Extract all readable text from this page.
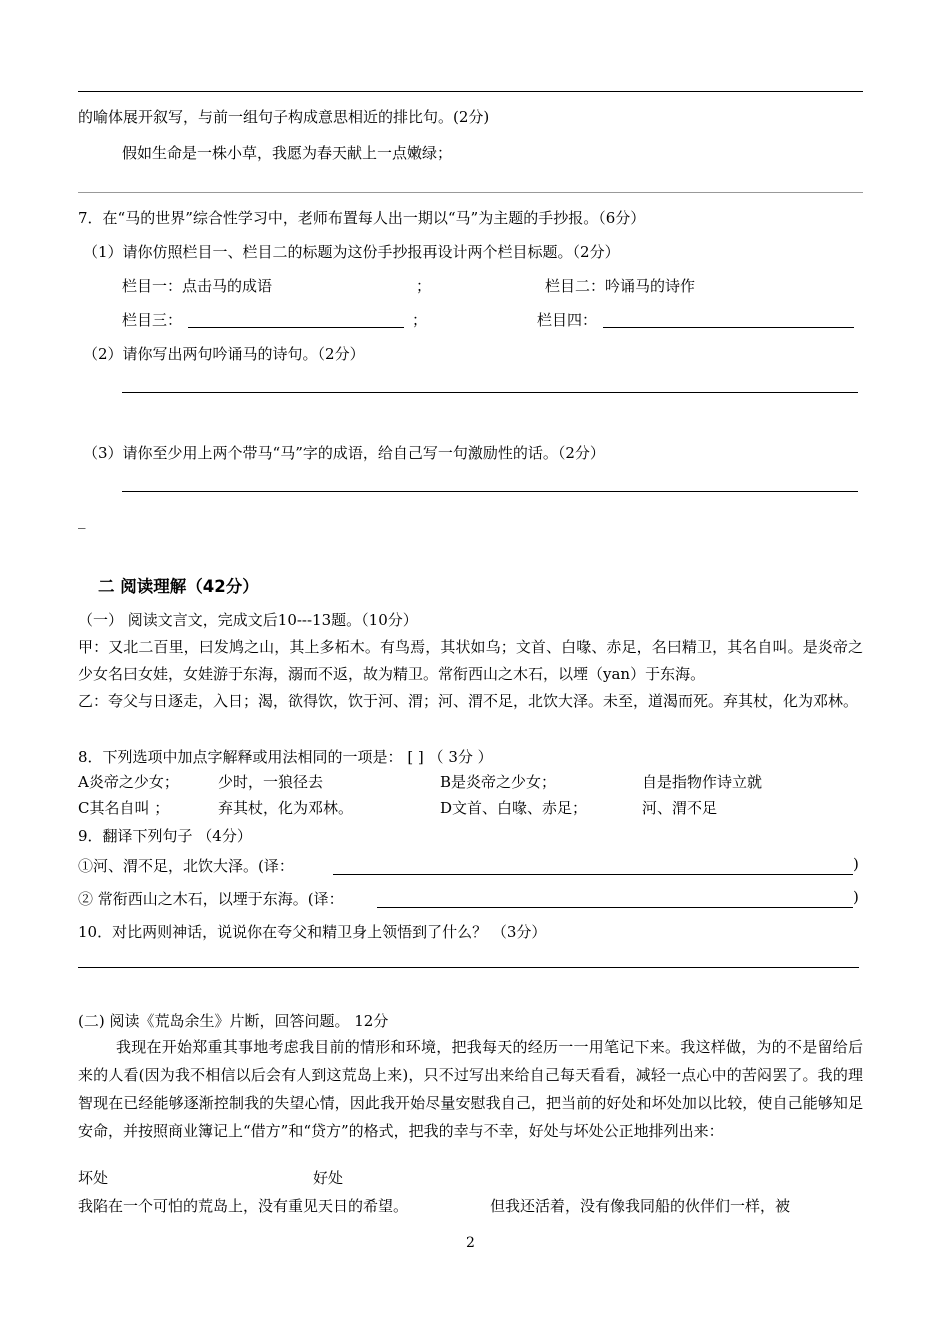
的喻体展开叙写，与前一组句子构成意思相近的排比句。(2分)
假如生命是一株小草，我愿为春天献上一点嫩绿；
7．在“马的世界”综合性学习中，老师布置每人出一期以“马”为主题的手抄报。（6分）
（1）请你仿照栏目一、栏目二的标题为这份手抄报再设计两个栏目标题。（2分）
栏目一：点击马的成语	；	栏目二：吟诵马的诗作
栏目三：	；	栏目四：
（2）请你写出两句吟诵马的诗句。（2分）
（3）请你至少用上两个带马“马”字的成语，给自己写一句激励性的话。（2分）
_
二 阅读理解（42分）
（一） 阅读文言文，完成文后10---13题。（10分）
甲：又北二百里，曰发鸠之山，其上多柘木。有鸟焉，其状如乌；文首、白喙、赤足，名曰精卫，其名自叫。是炎帝之少女名曰女娃，女娃游于东海，溺而不返，故为精卫。常衔西山之木石，以堙（yan）于东海。
乙：夸父与日逐走，入日；渴，欲得饮，饮于河、渭；河、渭不足，北饮大泽。未至，道渴而死。弃其杖，化为邓林。
8．下列选项中加点字解释或用法相同的一项是： [ ] （ 3分 ）
A炎帝之少女；	少时，一狼径去	B是炎帝之少女；	自是指物作诗立就
C其名自叫 ；	弃其杖，化为邓林。	D文首、白喙、赤足；	河、渭不足
9．翻译下列句子 （4分）
①河、渭不足，北饮大泽。(译：	)
② 常衔西山之木石，以堙于东海。(译：	)
10．对比两则神话，说说你在夸父和精卫身上领悟到了什么？ （3分）
(二) 阅读《荒岛余生》片断，回答问题。 12分
我现在开始郑重其事地考虑我目前的情形和环境，把我每天的经历一一用笔记下来。我这样做，为的不是留给后来的人看(因为我不相信以后会有人到这荒岛上来)，只不过写出来给自己每天看看，减轻一点心中的苦闷罢了。我的理智现在已经能够逐渐控制我的失望心情，因此我开始尽量安慰我自己，把当前的好处和坏处加以比较，使自己能够知足安命，并按照商业簿记上“借方”和“贷方”的格式，把我的幸与不幸，好处与坏处公正地排列出来：
坏处	好处
我陷在一个可怕的荒岛上，没有重见天日的希望。	但我还活着，没有像我同船的伙伴们一样，被
2
